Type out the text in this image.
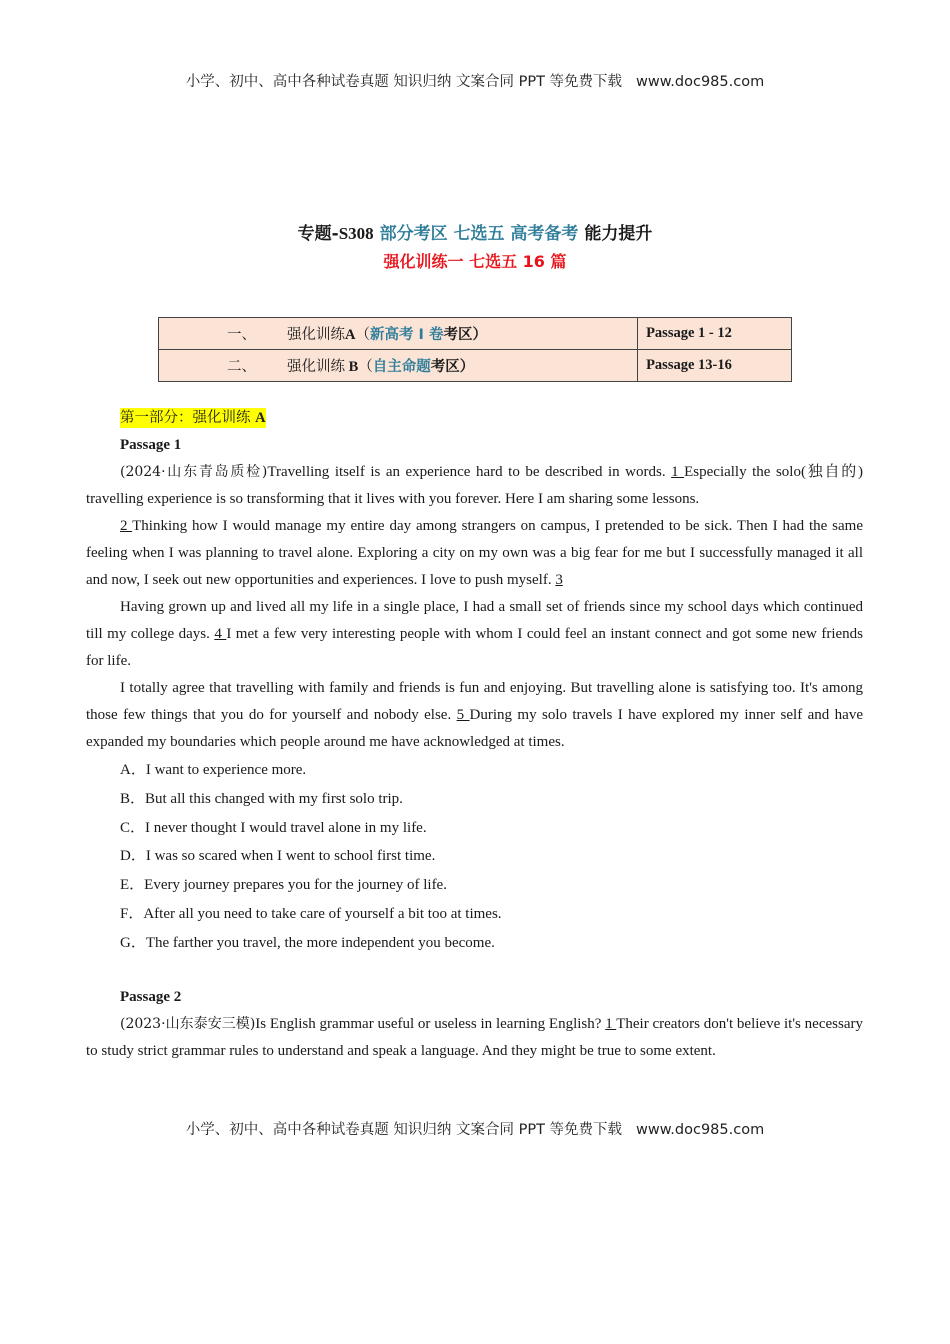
小学、初中、高中各种试卷真题 知识归纳 文案合同 PPT 等免费下载 www.doc985.com
专题-S308 部分考区 七选五 高考备考 能力提升
强化训练一 七选五 16 篇
一、 强化训练A（新高考 Ⅰ 卷考区）	Passage 1 - 12
二、 强化训练 B（自主命题考区）	Passage 13-16
第一部分：强化训练 A
Passage 1

(2024·山东青岛质检)Travelling itself is an experience hard to be described in words. 1 Especially the solo(独自的) travelling experience is so transforming that it lives with you forever. Here I am sharing some lessons.

2 Thinking how I would manage my entire day among strangers on campus, I pretended to be sick. Then I had the same feeling when I was planning to travel alone. Exploring a city on my own was a big fear for me but I successfully managed it all and now, I seek out new opportunities and experiences. I love to push myself. 3

Having grown up and lived all my life in a single place, I had a small set of friends since my school days which continued till my college days. 4 I met a few very interesting people with whom I could feel an instant connect and got some new friends for life.

I totally agree that travelling with family and friends is fun and enjoying. But travelling alone is satisfying too. It's among those few things that you do for yourself and nobody else. 5 During my solo travels I have explored my inner self and have expanded my boundaries which people around me have acknowledged at times.

A．I want to experience more.
B．But all this changed with my first solo trip.
C．I never thought I would travel alone in my life.
D．I was so scared when I went to school first time.
E．Every journey prepares you for the journey of life.
F．After all you need to take care of yourself a bit too at times.
G．The farther you travel, the more independent you become.
Passage 2

(2023·山东泰安三模)Is English grammar useful or useless in learning English? 1 Their creators don't believe it's necessary to study strict grammar rules to understand and speak a language. And they might be true to some extent.

小学、初中、高中各种试卷真题 知识归纳 文案合同 PPT 等免费下载 www.doc985.com
